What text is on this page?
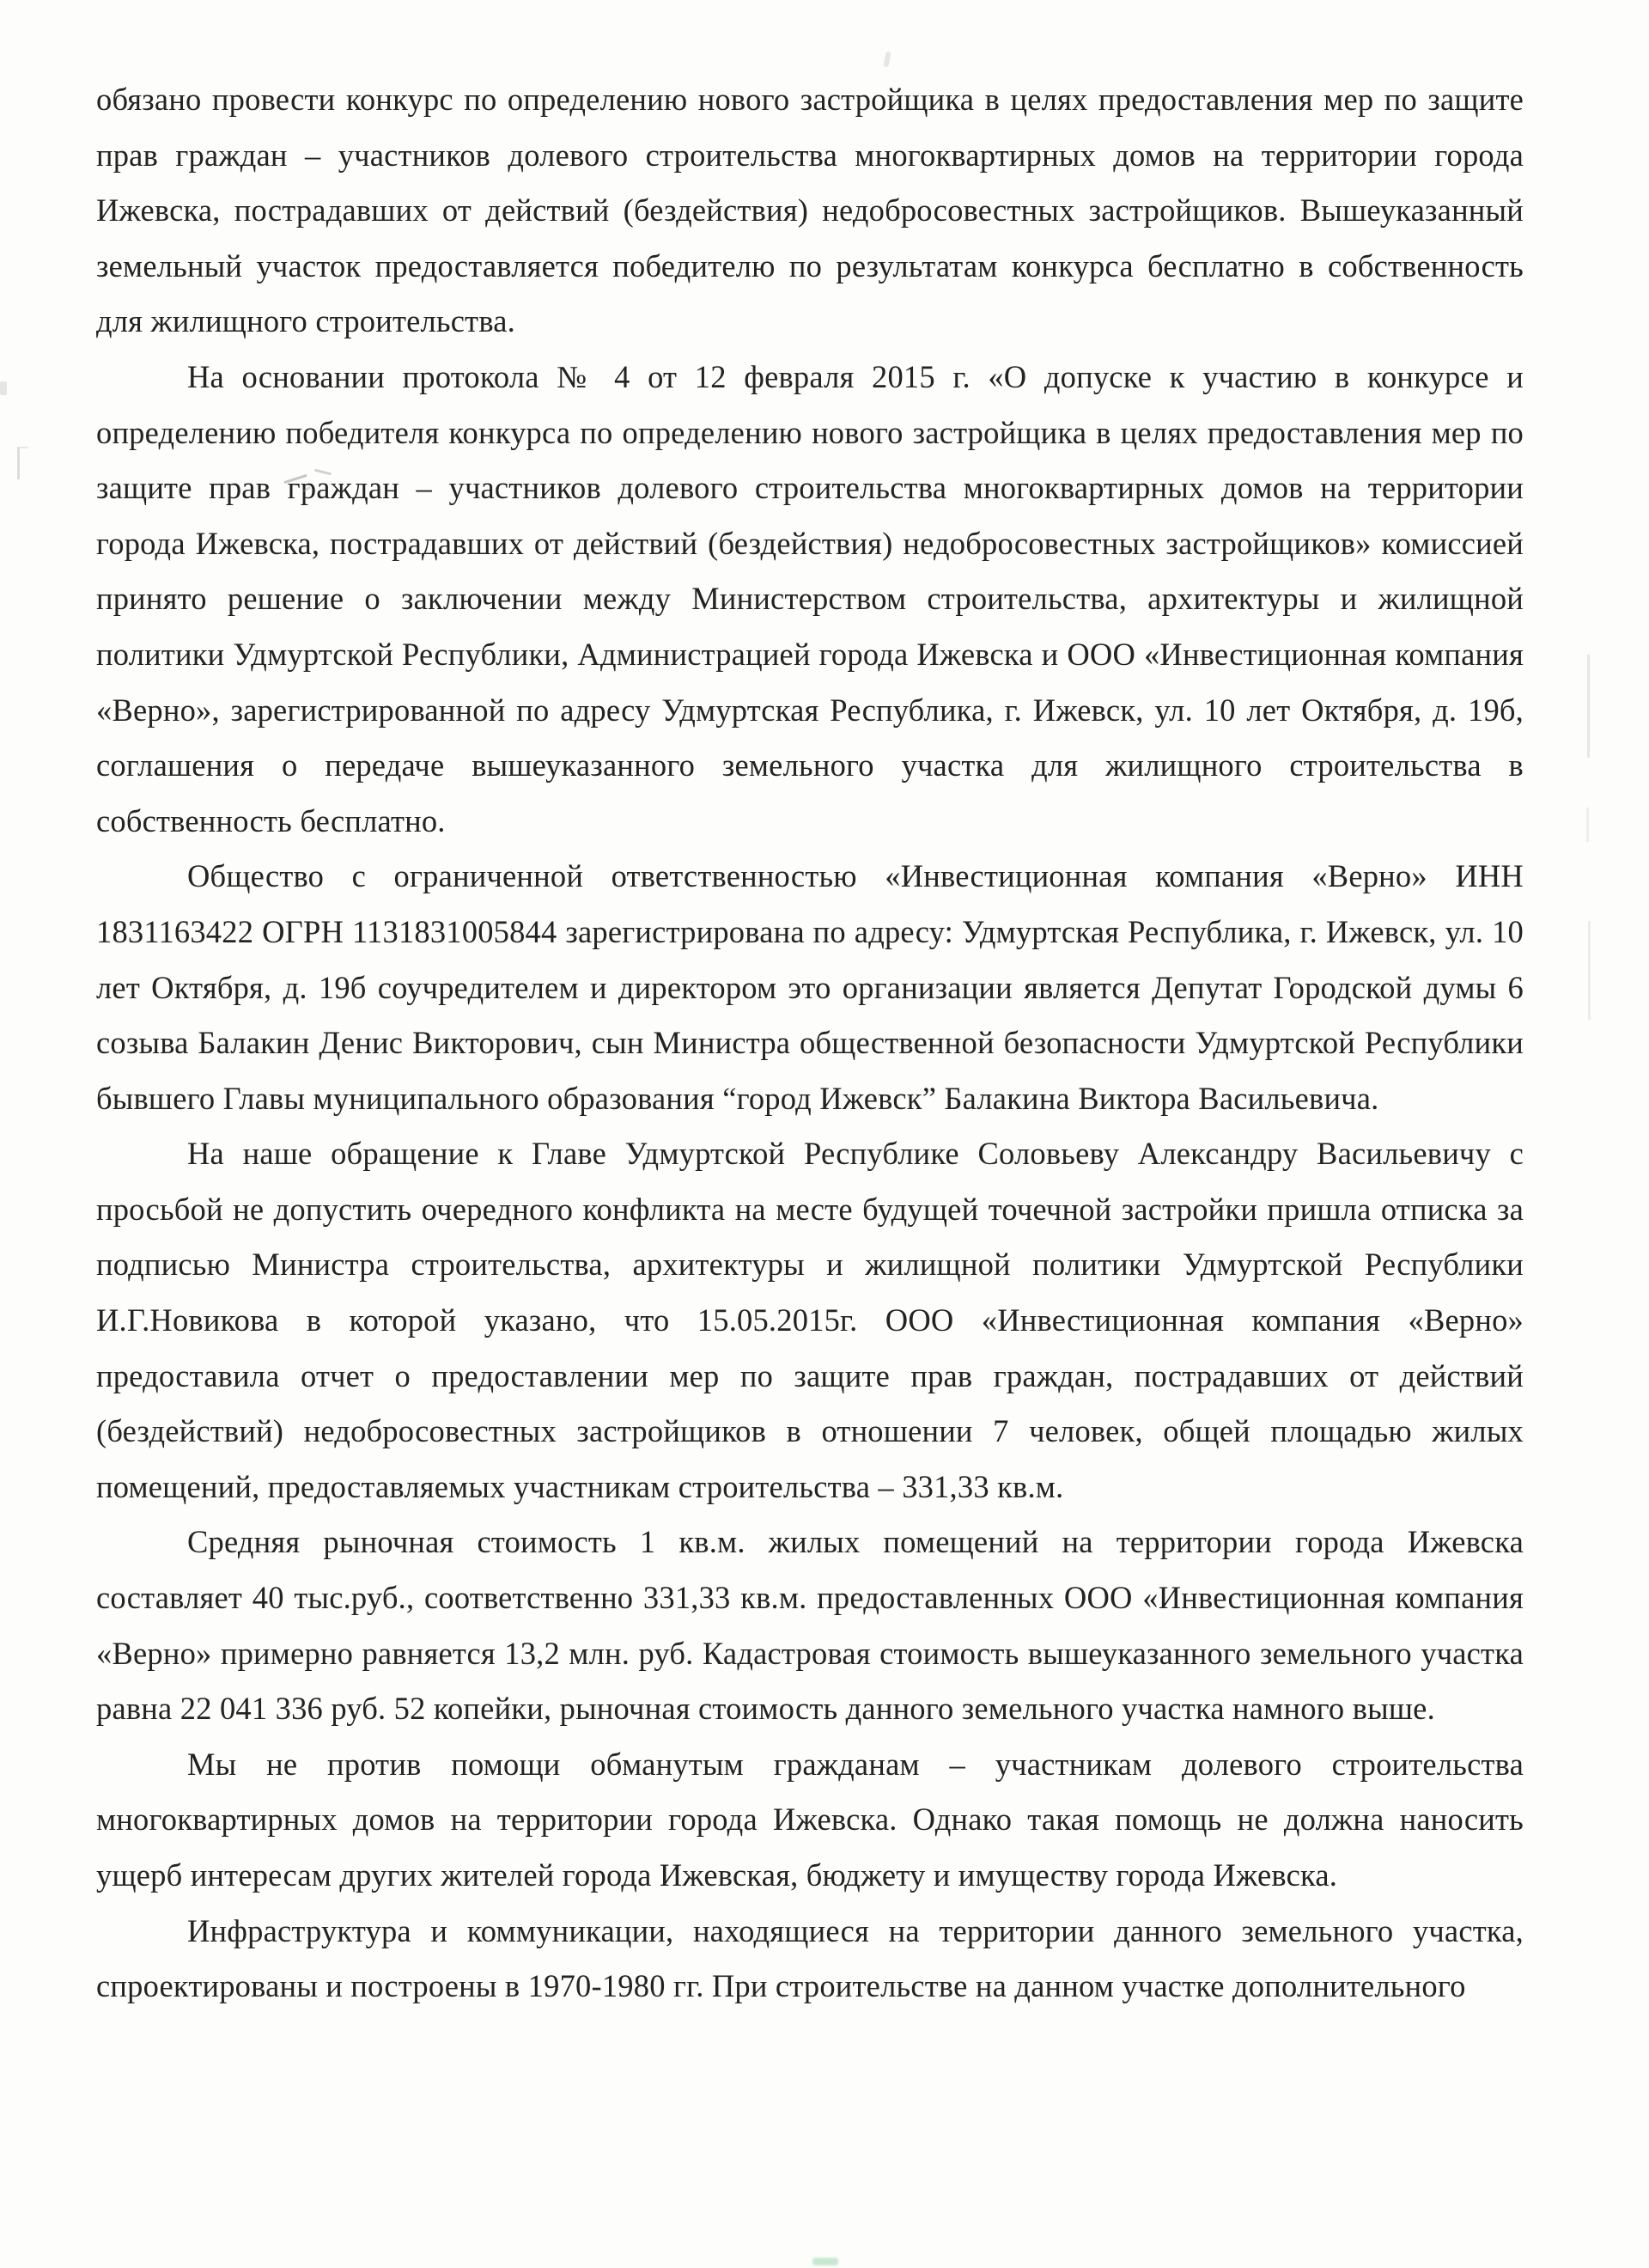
обязано провести конкурс по определению нового застройщика в целях предоставления мер по защите прав граждан – участников долевого строительства многоквартирных домов на территории города Ижевска, пострадавших от действий (бездействия) недобросовестных застройщиков. Вышеуказанный земельный участок предоставляется победителю по результатам конкурса бесплатно в собственность для жилищного строительства.

На основании протокола № 4 от 12 февраля 2015 г. «О допуске к участию в конкурсе и определению победителя конкурса по определению нового застройщика в целях предоставления мер по защите прав граждан – участников долевого строительства многоквартирных домов на территории города Ижевска, пострадавших от действий (бездействия) недобросовестных застройщиков» комиссией принято решение о заключении между Министерством строительства, архитектуры и жилищной политики Удмуртской Республики, Администрацией города Ижевска и ООО «Инвестиционная компания «Верно», зарегистрированной по адресу Удмуртская Республика, г. Ижевск, ул. 10 лет Октября, д. 19б, соглашения о передаче вышеуказанного земельного участка для жилищного строительства в собственность бесплатно.

Общество с ограниченной ответственностью «Инвестиционная компания «Верно» ИНН 1831163422 ОГРН 1131831005844 зарегистрирована по адресу: Удмуртская Республика, г. Ижевск, ул. 10 лет Октября, д. 19б соучредителем и директором это организации является Депутат Городской думы 6 созыва Балакин Денис Викторович, сын Министра общественной безопасности Удмуртской Республики бывшего Главы муниципального образования “город Ижевск” Балакина Виктора Васильевича.

На наше обращение к Главе Удмуртской Республике Соловьеву Александру Васильевичу с просьбой не допустить очередного конфликта на месте будущей точечной застройки пришла отписка за подписью Министра строительства, архитектуры и жилищной политики Удмуртской Республики И.Г.Новикова в которой указано, что 15.05.2015г. ООО «Инвестиционная компания «Верно» предоставила отчет о предоставлении мер по защите прав граждан, пострадавших от действий (бездействий) недобросовестных застройщиков в отношении 7 человек, общей площадью жилых помещений, предоставляемых участникам строительства – 331,33 кв.м.

Средняя рыночная стоимость 1 кв.м. жилых помещений на территории города Ижевска составляет 40 тыс.руб., соответственно 331,33 кв.м. предоставленных ООО «Инвестиционная компания «Верно» примерно равняется 13,2 млн. руб. Кадастровая стоимость вышеуказанного земельного участка равна 22 041 336 руб. 52 копейки, рыночная стоимость данного земельного участка намного выше.

Мы не против помощи обманутым гражданам – участникам долевого строительства многоквартирных домов на территории города Ижевска. Однако такая помощь не должна наносить ущерб интересам других жителей города Ижевская, бюджету и имуществу города Ижевска.

Инфраструктура и коммуникации, находящиеся на территории данного земельного участка, спроектированы и построены в 1970-1980 гг. При строительстве на данном участке дополнительного
